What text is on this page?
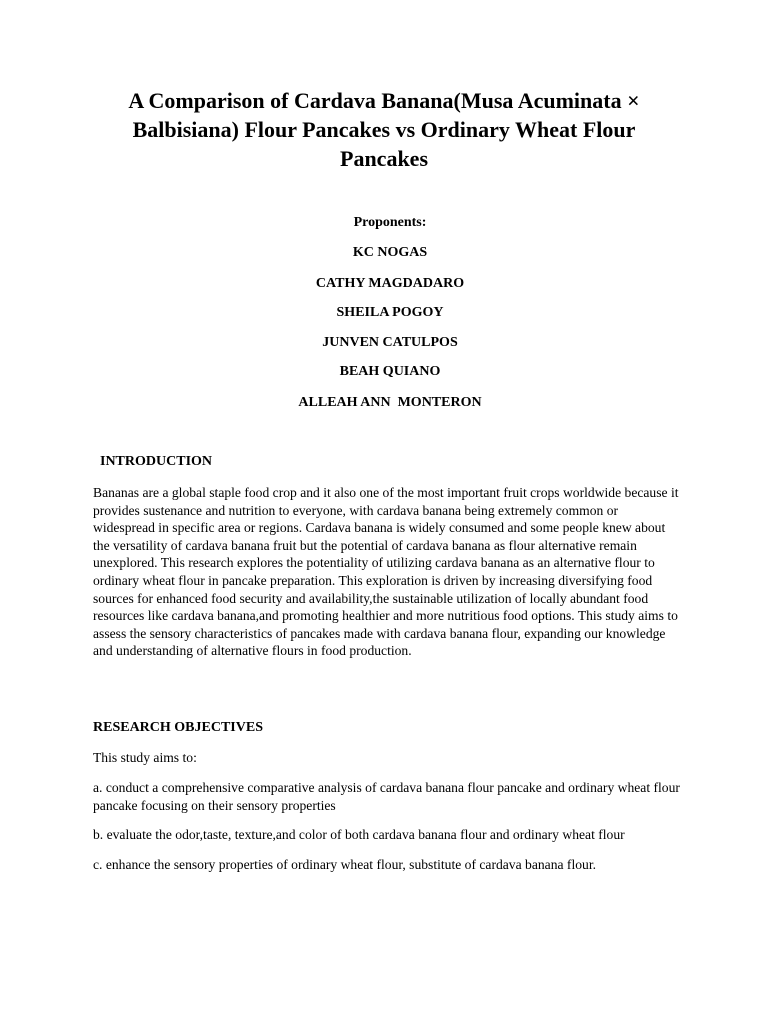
A Comparison of Cardava Banana(Musa Acuminata × Balbisiana) Flour Pancakes vs Ordinary Wheat Flour Pancakes
Proponents:
KC NOGAS
CATHY MAGDADARO
SHEILA POGOY
JUNVEN CATULPOS
BEAH QUIANO
ALLEAH ANN  MONTERON
INTRODUCTION

Bananas are a global staple food crop and it also one of the most important fruit crops worldwide because it provides sustenance and nutrition to everyone, with cardava banana being extremely common or widespread in specific area or regions. Cardava banana is widely consumed and some people knew about the versatility of cardava banana fruit but the potential of cardava banana as flour alternative remain unexplored. This research explores the potentiality of utilizing cardava banana as an alternative flour to ordinary wheat flour in pancake preparation. This exploration is driven by increasing diversifying food sources for enhanced food security and availability,the sustainable utilization of locally abundant food resources like cardava banana,and promoting healthier and more nutritious food options. This study aims to assess the sensory characteristics of pancakes made with cardava banana flour, expanding our knowledge and understanding of alternative flours in food production.

RESEARCH OBJECTIVES

This study aims to:

a. conduct a comprehensive comparative analysis of cardava banana flour pancake and ordinary wheat flour pancake focusing on their sensory properties

b. evaluate the odor,taste, texture,and color of both cardava banana flour and ordinary wheat flour

c. enhance the sensory properties of ordinary wheat flour, substitute of cardava banana flour.
